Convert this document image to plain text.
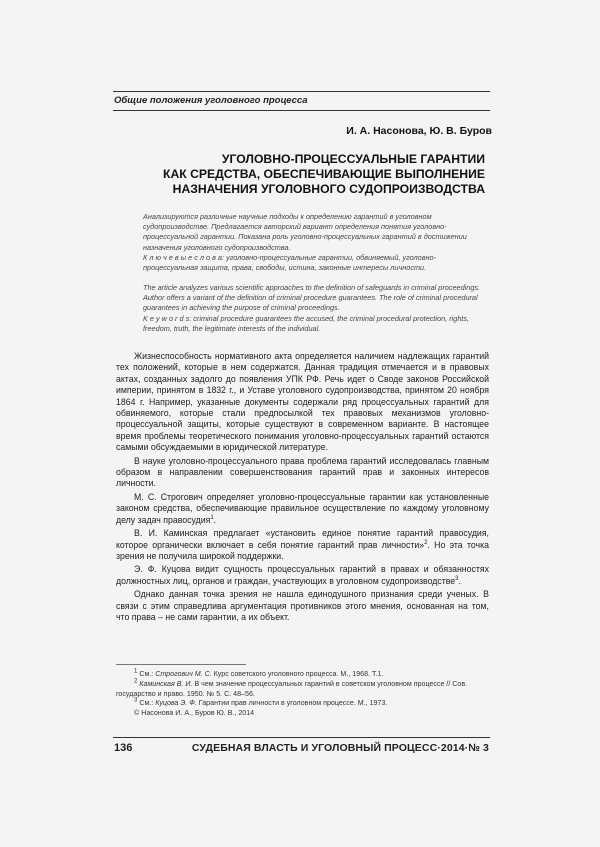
Общие положения уголовного процесса
И. А. Насонова, Ю. В. Буров
УГОЛОВНО-ПРОЦЕССУАЛЬНЫЕ ГАРАНТИИ
КАК СРЕДСТВА, ОБЕСПЕЧИВАЮЩИЕ ВЫПОЛНЕНИЕ
НАЗНАЧЕНИЯ УГОЛОВНОГО СУДОПРОИЗВОДСТВА

Анализируются различные научные подходы к определению гарантий в уголовном судопроизводстве. Предлагается авторский вариант определения понятия уголовно-процессуальной гарантии. Показана роль уголовно-процессуальных гарантий в достижении назначения уголовного судопроизводства.

К л ю ч е в ы е с л о в а: уголовно-процессуальные гарантии, обвиняемый, уголовно-процессуальная защита, права, свободы, истина, законные интересы личности.

The article analyzes various scientific approaches to the definition of safeguards in criminal proceedings. Author offers a variant of the definition of criminal procedure guarantees. The role of criminal procedural guarantees in achieving the purpose of criminal proceedings.

K e y w o r d s: criminal procedure guarantees the accused, the criminal procedural protection, rights, freedom, truth, the legitimate interests of the individual.

Жизнеспособность нормативного акта определяется наличием надлежащих гарантий тех положений, которые в нем содержатся. Данная традиция отмечается и в правовых актах, созданных задолго до появления УПК РФ. Речь идет о Своде законов Российской империи, принятом в 1832 г., и Уставе уголовного судопроизводства, принятом 20 ноября 1864 г. Например, указанные документы содержали ряд процессуальных гарантий для обвиняемого, которые стали предпосылкой тех правовых механизмов уголовно-процессуальной защиты, которые существуют в современном варианте. В настоящее время проблемы теоретического понимания уголовно-процессуальных гарантий остаются самыми обсуждаемыми в юридической литературе.

В науке уголовно-процессуального права проблема гарантий исследовалась главным образом в направлении совершенствования гарантий прав и законных интересов личности.

М. С. Строгович определяет уголовно-процессуальные гарантии как установленные законом средства, обеспечивающие правильное осуществление по каждому уголовному делу задач правосудия$^1$.

В. И. Каминская предлагает «установить единое понятие гарантий правосудия, которое органически включает в себя понятие гарантий прав личности»$^2$. Но эта точка зрения не получила широкой поддержки.

Э. Ф. Куцова видит сущность процессуальных гарантий в правах и обязанностях должностных лиц, органов и граждан, участвующих в уголовном судопроизводстве$^3$.

Однако данная точка зрения не нашла единодушного признания среди ученых. В связи с этим справедлива аргументация противников этого мнения, основанная на том, что права – не сами гарантии, а их объект.

$^1$ См.: Строгович М. С. Курс советского уголовного процесса. М., 1968. Т.1.

$^2$ Каминская В. И. В чем значение процессуальных гарантий в советском уголовном процессе // Сов. государство и право. 1950. № 5. С. 48–56.

$^3$ См.: Куцова Э. Ф. Гарантии прав личности в уголовном процессе. М., 1973.

© Насонова И. А., Буров Ю. В., 2014

136	СУДЕБНАЯ ВЛАСТЬ И УГОЛОВНЫЙ ПРОЦЕСС·2014·№ 3
